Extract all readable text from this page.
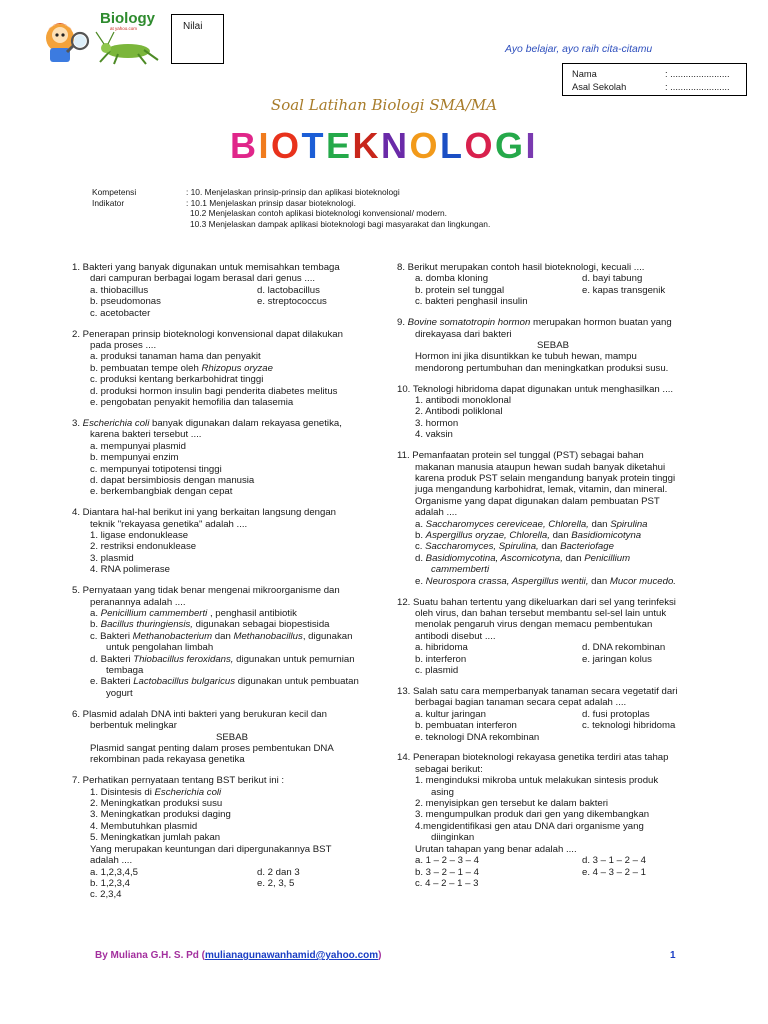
Biology
at yahoo.com	Nilai
Ayo belajar, ayo raih cita-citamu
Nama	: .......................
Asal Sekolah	: .......................
Soal Latihan Biologi SMA/MA
BIOTEKNOLOGI
Kompetensi	: 10. Menjelaskan prinsip-prinsip dan aplikasi bioteknologi
Indikator	: 10.1 Menjelaskan prinsip dasar bioteknologi.
10.2 Menjelaskan contoh aplikasi bioteknologi konvensional/ modern.
10.3 Menjelaskan dampak aplikasi bioteknologi bagi masyarakat dan lingkungan.

1. Bakteri yang banyak digunakan untuk memisahkan tembaga

dari campuran berbagai logam berasal dari genus ....

a. thiobacillus	d. lactobacillus

b. pseudomonas	e. streptococcus

c. acetobacter

2. Penerapan prinsip bioteknologi konvensional dapat dilakukan

pada proses ....

a. produksi tanaman hama dan penyakit

b. pembuatan tempe oleh Rhizopus oryzae

c. produksi kentang berkarbohidrat tinggi

d. produksi hormon insulin bagi penderita diabetes melitus

e. pengobatan penyakit hemofilia dan talasemia

3. Escherichia coli banyak digunakan dalam rekayasa genetika,

karena bakteri tersebut ....

a. mempunyai plasmid

b. mempunyai enzim

c. mempunyai totipotensi tinggi

d. dapat bersimbiosis dengan manusia

e. berkembangbiak dengan cepat

4. Diantara hal-hal berikut ini yang berkaitan langsung dengan

teknik "rekayasa genetika" adalah ....

1. ligase endonuklease

2. restriksi endonuklease

3. plasmid

4. RNA polimerase

5. Pernyataan yang tidak benar mengenai mikroorganisme dan

peranannya adalah ....

a. Penicillium cammemberti , penghasil antibiotik

b. Bacillus thuringiensis, digunakan sebagai biopestisida

c. Bakteri Methanobacterium dan Methanobacillus, digunakan

untuk pengolahan limbah

d. Bakteri Thiobacillus feroxidans, digunakan untuk pemurnian

tembaga

e. Bakteri Lactobacillus bulgaricus digunakan untuk pembuatan

yogurt

6. Plasmid adalah DNA inti bakteri yang berukuran kecil dan

berbentuk melingkar

SEBAB

Plasmid sangat penting dalam proses pembentukan DNA

rekombinan pada rekayasa genetika

7. Perhatikan pernyataan tentang BST berikut ini :

1. Disintesis di Escherichia coli

2. Meningkatkan produksi susu

3. Meningkatkan produksi daging

4. Membutuhkan plasmid

5. Meningkatkan jumlah pakan

Yang merupakan keuntungan dari dipergunakannya BST

adalah ....

a. 1,2,3,4,5	d. 2 dan 3

b. 1,2,3,4	e. 2, 3, 5

c. 2,3,4

8. Berikut merupakan contoh hasil bioteknologi, kecuali ....

a. domba kloning	d. bayi tabung

b. protein sel tunggal	e. kapas transgenik

c. bakteri penghasil insulin

9. Bovine somatotropin hormon merupakan hormon buatan yang

direkayasa dari bakteri

SEBAB

Hormon ini jika disuntikkan ke tubuh hewan, mampu

mendorong pertumbuhan dan meningkatkan produksi susu.

10. Teknologi hibridoma dapat digunakan untuk menghasilkan ....

1. antibodi monoklonal

2. Antibodi poliklonal

3. hormon

4. vaksin

11. Pemanfaatan protein sel tunggal (PST) sebagai bahan

makanan manusia ataupun hewan sudah banyak diketahui

karena produk PST selain mengandung banyak protein tinggi

juga mengandung karbohidrat, lemak, vitamin, dan mineral.

Organisme yang dapat digunakan dalam pembuatan PST

adalah ....

a. Saccharomyces cereviceae, Chlorella, dan Spirulina

b. Aspergillus oryzae, Chlorella, dan Basidiomicotyna

c. Saccharomyces, Spirulina, dan Bacteriofage

d. Basidiomycotina, Ascomicotyna, dan Penicillium

cammemberti

e. Neurospora crassa, Aspergillus wentii, dan Mucor mucedo.

12. Suatu bahan tertentu yang dikeluarkan dari sel yang terinfeksi

oleh virus, dan bahan tersebut membantu sel-sel lain untuk

menolak pengaruh virus dengan memacu pembentukan

antibodi disebut ....

a. hibridoma	d. DNA rekombinan

b. interferon	e. jaringan kolus

c. plasmid

13. Salah satu cara memperbanyak tanaman secara vegetatif dari

berbagai bagian tanaman secara cepat adalah ....

a. kultur jaringan	d. fusi protoplas

b. pembuatan interferon	c. teknologi hibridoma

e. teknologi DNA rekombinan

14. Penerapan bioteknologi rekayasa genetika terdiri atas tahap

sebagai berikut:

1. menginduksi mikroba untuk melakukan sintesis produk

asing

2. menyisipkan gen tersebut ke dalam bakteri

3. mengumpulkan produk dari gen yang dikembangkan

4.mengidentifikasi gen atau DNA dari organisme yang

diinginkan

Urutan tahapan yang benar adalah ....

a. 1 – 2 – 3 – 4	d. 3 – 1 – 2 – 4

b. 3 – 2 – 1 – 4	e. 4 – 3 – 2 – 1

c. 4 – 2 – 1 – 3

By Muliana G.H. S. Pd (mulianagunawanhamid@yahoo.com)	1
